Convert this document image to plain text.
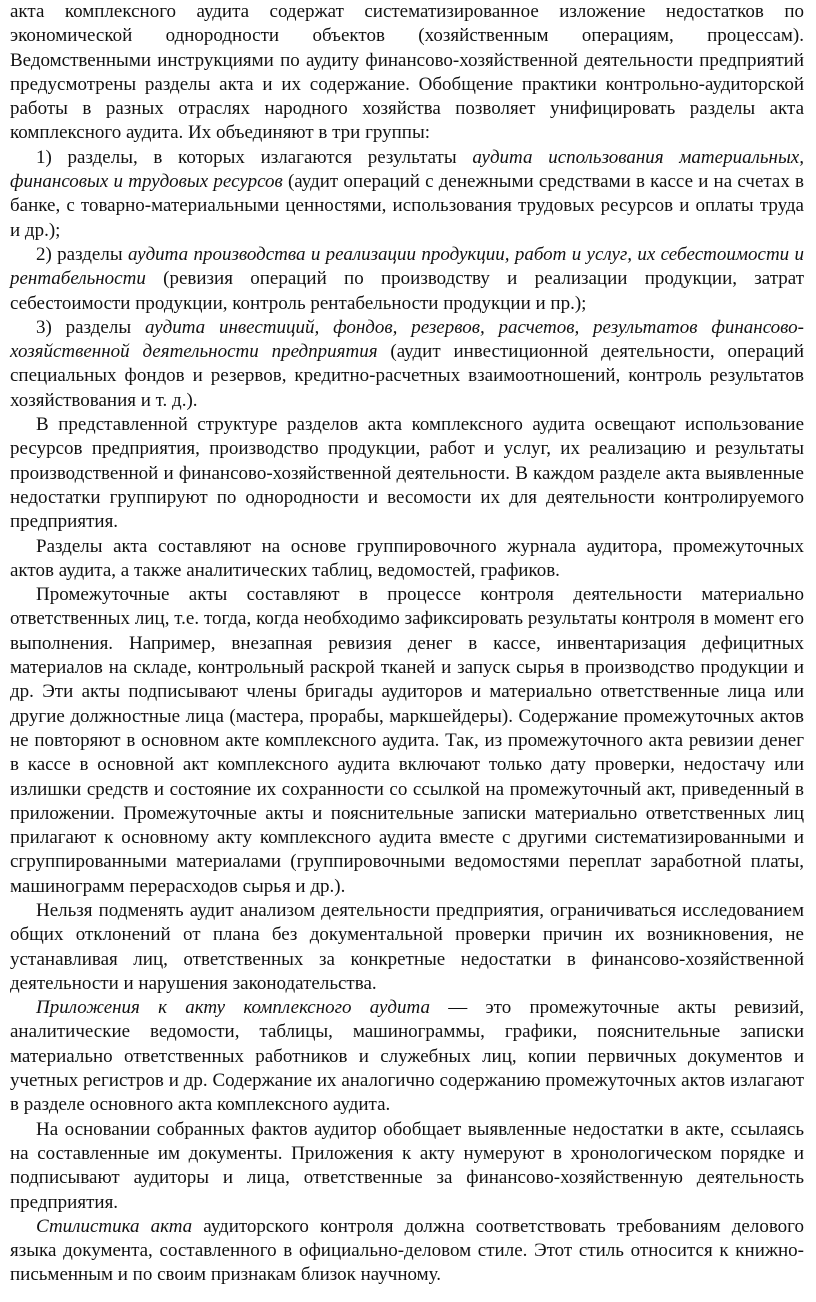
акта комплексного аудита содержат систематизированное изложение недостатков по экономической однородности объектов (хозяйственным операциям, процессам). Ведомственными инструкциями по аудиту финансово-хозяйственной деятельности предприятий предусмотрены разделы акта и их содержание. Обобщение практики контрольно-аудиторской работы в разных отраслях народного хозяйства позволяет унифицировать разделы акта комплексного аудита. Их объединяют в три группы:

1) разделы, в которых излагаются результаты аудита использования материальных, финансовых и трудовых ресурсов (аудит операций с денежными средствами в кассе и на счетах в банке, с товарно-материальными ценностями, использования трудовых ресурсов и оплаты труда и др.);

2) разделы аудита производства и реализации продукции, работ и услуг, их себестоимости и рентабельности (ревизия операций по производству и реализации продукции, затрат себестоимости продукции, контроль рентабельности продукции и пр.);

3) разделы аудита инвестиций, фондов, резервов, расчетов, результатов финансово-хозяйственной деятельности предприятия (аудит инвестиционной деятельности, операций специальных фондов и резервов, кредитно-расчетных взаимоотношений, контроль результатов хозяйствования и т. д.).

В представленной структуре разделов акта комплексного аудита освещают использование ресурсов предприятия, производство продукции, работ и услуг, их реализацию и результаты производственной и финансово-хозяйственной деятельности. В каждом разделе акта выявленные недостатки группируют по однородности и весомости их для деятельности контролируемого предприятия.

Разделы акта составляют на основе группировочного журнала аудитора, промежуточных актов аудита, а также аналитических таблиц, ведомостей, графиков.

Промежуточные акты составляют в процессе контроля деятельности материально ответственных лиц, т.е. тогда, когда необходимо зафиксировать результаты контроля в момент его выполнения. Например, внезапная ревизия денег в кассе, инвентаризация дефицитных материалов на складе, контрольный раскрой тканей и запуск сырья в производство продукции и др. Эти акты подписывают члены бригады аудиторов и материально ответственные лица или другие должностные лица (мастера, прорабы, маркшейдеры). Содержание промежуточных актов не повторяют в основном акте комплексного аудита. Так, из промежуточного акта ревизии денег в кассе в основной акт комплексного аудита включают только дату проверки, недостачу или излишки средств и состояние их сохранности со ссылкой на промежуточный акт, приведенный в приложении. Промежуточные акты и пояснительные записки материально ответственных лиц прилагают к основному акту комплексного аудита вместе с другими систематизированными и сгруппированными материалами (группировочными ведомостями переплат заработной платы, машинограмм перерасходов сырья и др.).

Нельзя подменять аудит анализом деятельности предприятия, ограничиваться исследованием общих отклонений от плана без документальной проверки причин их возникновения, не устанавливая лиц, ответственных за конкретные недостатки в финансово-хозяйственной деятельности и нарушения законодательства.

Приложения к акту комплексного аудита — это промежуточные акты ревизий, аналитические ведомости, таблицы, машинограммы, графики, пояснительные записки материально ответственных работников и служебных лиц, копии первичных документов и учетных регистров и др. Содержание их аналогично содержанию промежуточных актов излагают в разделе основного акта комплексного аудита.

На основании собранных фактов аудитор обобщает выявленные недостатки в акте, ссылаясь на составленные им документы. Приложения к акту нумеруют в хронологическом порядке и подписывают аудиторы и лица, ответственные за финансово-хозяйственную деятельность предприятия.

Стилистика акта аудиторского контроля должна соответствовать требованиям делового языка документа, составленного в официально-деловом стиле. Этот стиль относится к книжно-письменным и по своим признакам близок научному.
